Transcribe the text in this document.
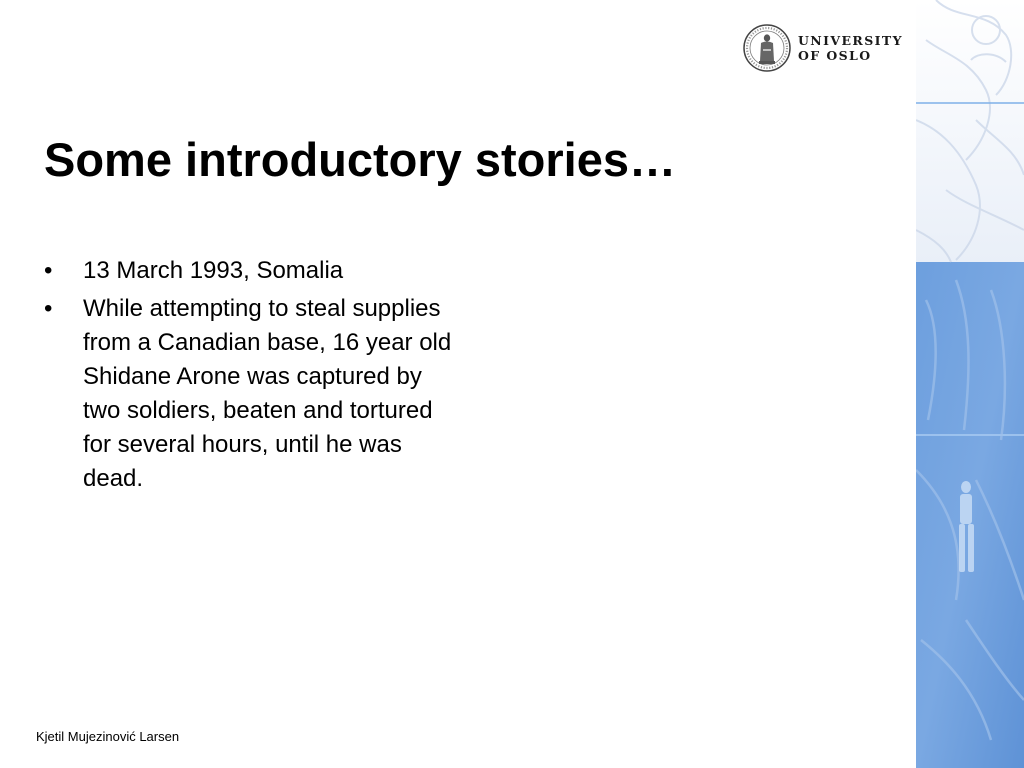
UNIVERSITY
OF OSLO
Some introductory stories…
•	13 March 1993, Somalia
•	While attempting to steal supplies from a Canadian base, 16 year old Shidane Arone was captured by two soldiers, beaten and tortured for several hours, until he was dead.
Kjetil Mujezinović Larsen
